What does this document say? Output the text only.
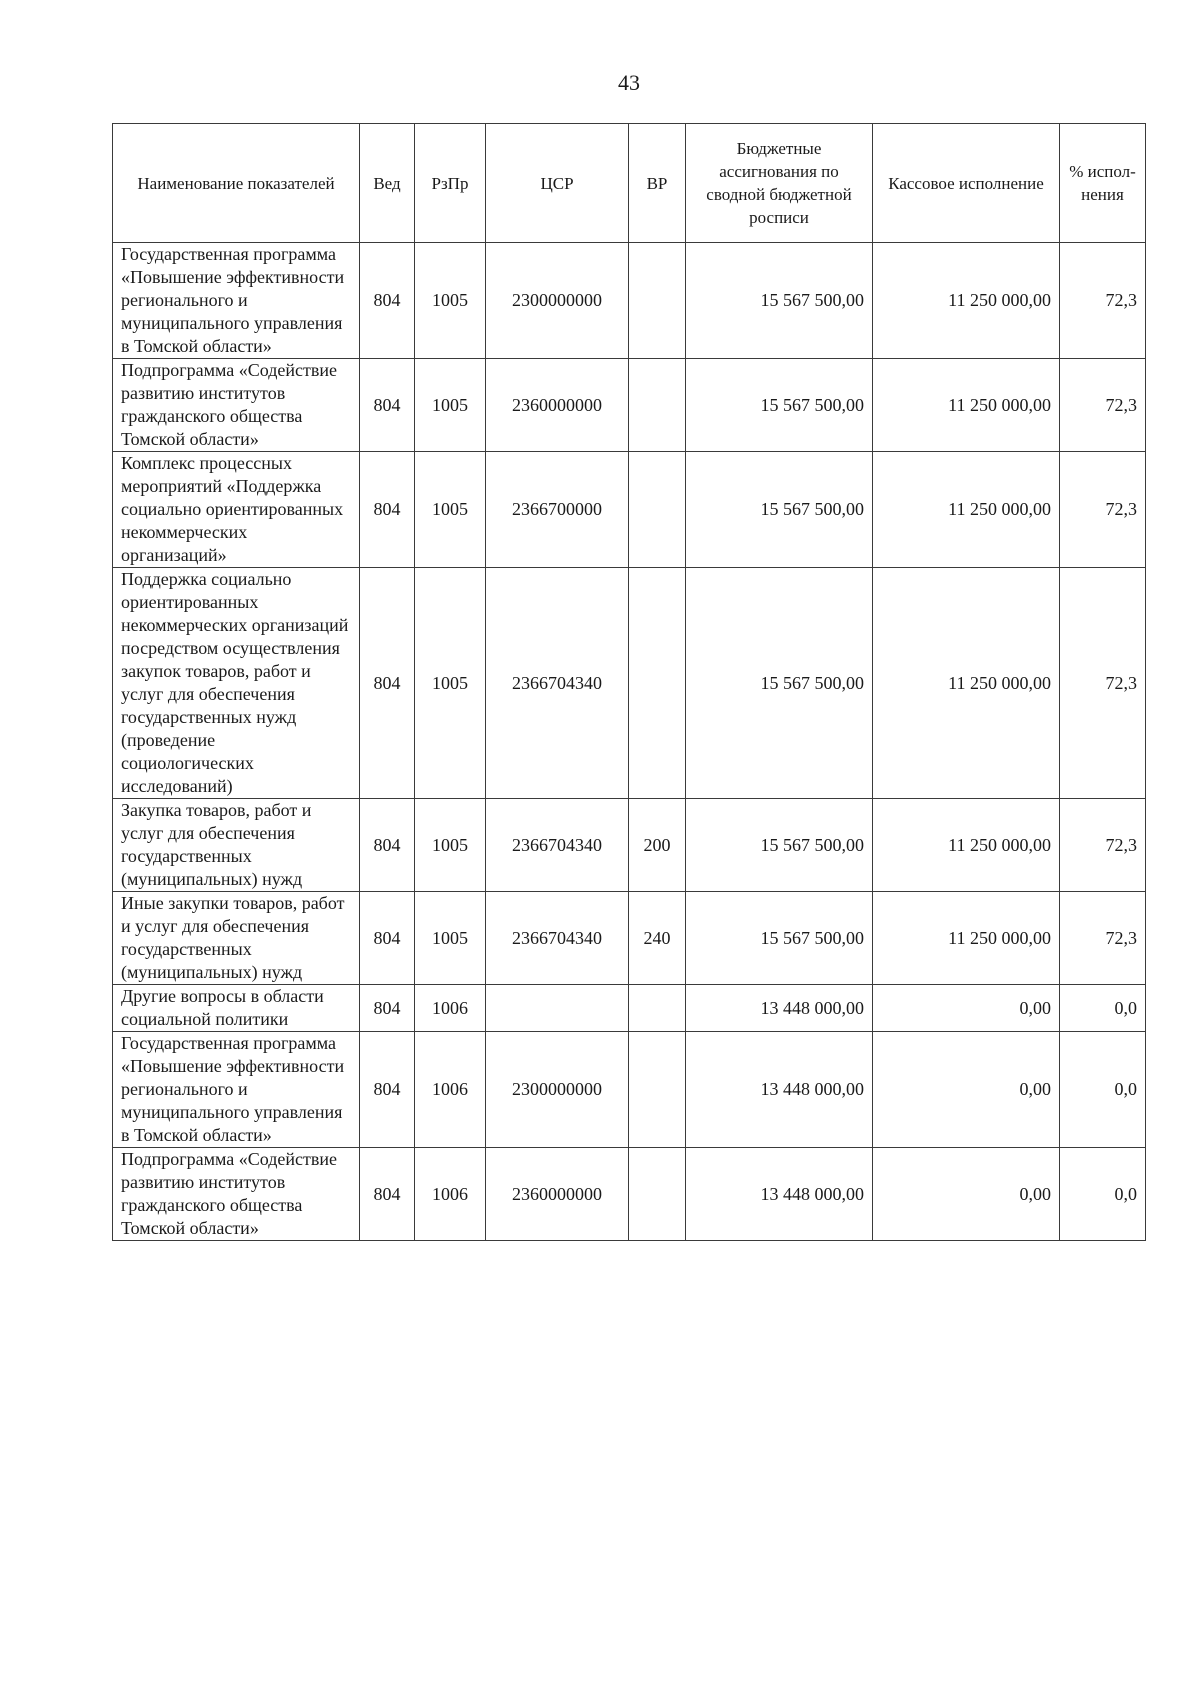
43
Наименование показателей	Вед	РзПр	ЦСР	ВР	Бюджетные ассигнования по сводной бюджетной росписи	Кассовое исполнение	% испол-нения
Государственная программа «Повышение эффективности регионального и муниципального управления в Томской области»	804	1005	2300000000		15 567 500,00	11 250 000,00	72,3
Подпрограмма «Содействие развитию институтов гражданского общества Томской области»	804	1005	2360000000		15 567 500,00	11 250 000,00	72,3
Комплекс процессных мероприятий «Поддержка социально ориентированных некоммерческих организаций»	804	1005	2366700000		15 567 500,00	11 250 000,00	72,3
Поддержка социально ориентированных некоммерческих организаций посредством осуществления закупок товаров, работ и услуг для обеспечения государственных нужд (проведение социологических исследований)	804	1005	2366704340		15 567 500,00	11 250 000,00	72,3
Закупка товаров, работ и услуг для обеспечения государственных (муниципальных) нужд	804	1005	2366704340	200	15 567 500,00	11 250 000,00	72,3
Иные закупки товаров, работ и услуг для обеспечения государственных (муниципальных) нужд	804	1005	2366704340	240	15 567 500,00	11 250 000,00	72,3
Другие вопросы в области социальной политики	804	1006			13 448 000,00	0,00	0,0
Государственная программа «Повышение эффективности регионального и муниципального управления в Томской области»	804	1006	2300000000		13 448 000,00	0,00	0,0
Подпрограмма «Содействие развитию институтов гражданского общества Томской области»	804	1006	2360000000		13 448 000,00	0,00	0,0
